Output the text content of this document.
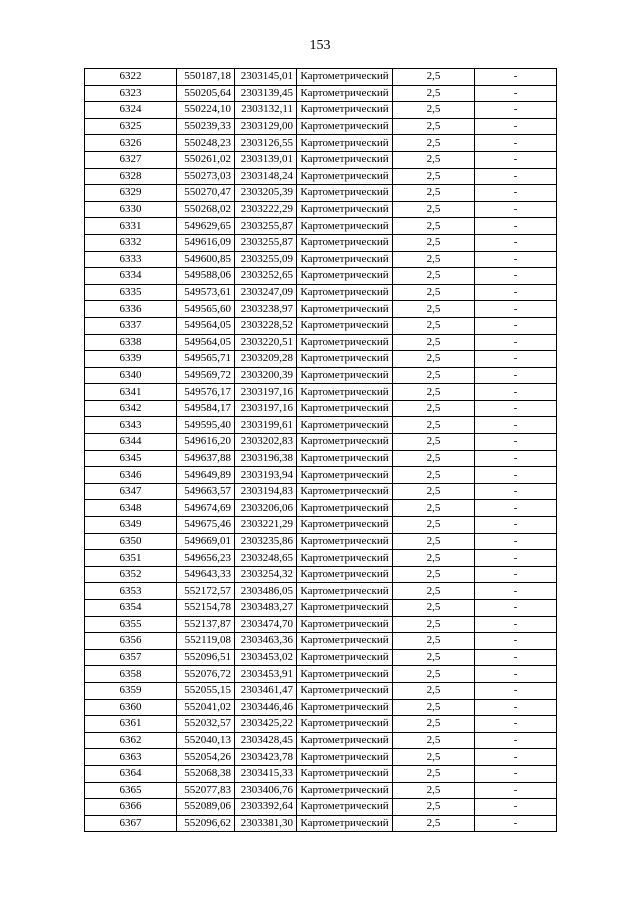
153
6322	550187,18	2303145,01	Картометрический	2,5	-
6323	550205,64	2303139,45	Картометрический	2,5	-
6324	550224,10	2303132,11	Картометрический	2,5	-
6325	550239,33	2303129,00	Картометрический	2,5	-
6326	550248,23	2303126,55	Картометрический	2,5	-
6327	550261,02	2303139,01	Картометрический	2,5	-
6328	550273,03	2303148,24	Картометрический	2,5	-
6329	550270,47	2303205,39	Картометрический	2,5	-
6330	550268,02	2303222,29	Картометрический	2,5	-
6331	549629,65	2303255,87	Картометрический	2,5	-
6332	549616,09	2303255,87	Картометрический	2,5	-
6333	549600,85	2303255,09	Картометрический	2,5	-
6334	549588,06	2303252,65	Картометрический	2,5	-
6335	549573,61	2303247,09	Картометрический	2,5	-
6336	549565,60	2303238,97	Картометрический	2,5	-
6337	549564,05	2303228,52	Картометрический	2,5	-
6338	549564,05	2303220,51	Картометрический	2,5	-
6339	549565,71	2303209,28	Картометрический	2,5	-
6340	549569,72	2303200,39	Картометрический	2,5	-
6341	549576,17	2303197,16	Картометрический	2,5	-
6342	549584,17	2303197,16	Картометрический	2,5	-
6343	549595,40	2303199,61	Картометрический	2,5	-
6344	549616,20	2303202,83	Картометрический	2,5	-
6345	549637,88	2303196,38	Картометрический	2,5	-
6346	549649,89	2303193,94	Картометрический	2,5	-
6347	549663,57	2303194,83	Картометрический	2,5	-
6348	549674,69	2303206,06	Картометрический	2,5	-
6349	549675,46	2303221,29	Картометрический	2,5	-
6350	549669,01	2303235,86	Картометрический	2,5	-
6351	549656,23	2303248,65	Картометрический	2,5	-
6352	549643,33	2303254,32	Картометрический	2,5	-
6353	552172,57	2303486,05	Картометрический	2,5	-
6354	552154,78	2303483,27	Картометрический	2,5	-
6355	552137,87	2303474,70	Картометрический	2,5	-
6356	552119,08	2303463,36	Картометрический	2,5	-
6357	552096,51	2303453,02	Картометрический	2,5	-
6358	552076,72	2303453,91	Картометрический	2,5	-
6359	552055,15	2303461,47	Картометрический	2,5	-
6360	552041,02	2303446,46	Картометрический	2,5	-
6361	552032,57	2303425,22	Картометрический	2,5	-
6362	552040,13	2303428,45	Картометрический	2,5	-
6363	552054,26	2303423,78	Картометрический	2,5	-
6364	552068,38	2303415,33	Картометрический	2,5	-
6365	552077,83	2303406,76	Картометрический	2,5	-
6366	552089,06	2303392,64	Картометрический	2,5	-
6367	552096,62	2303381,30	Картометрический	2,5	-
